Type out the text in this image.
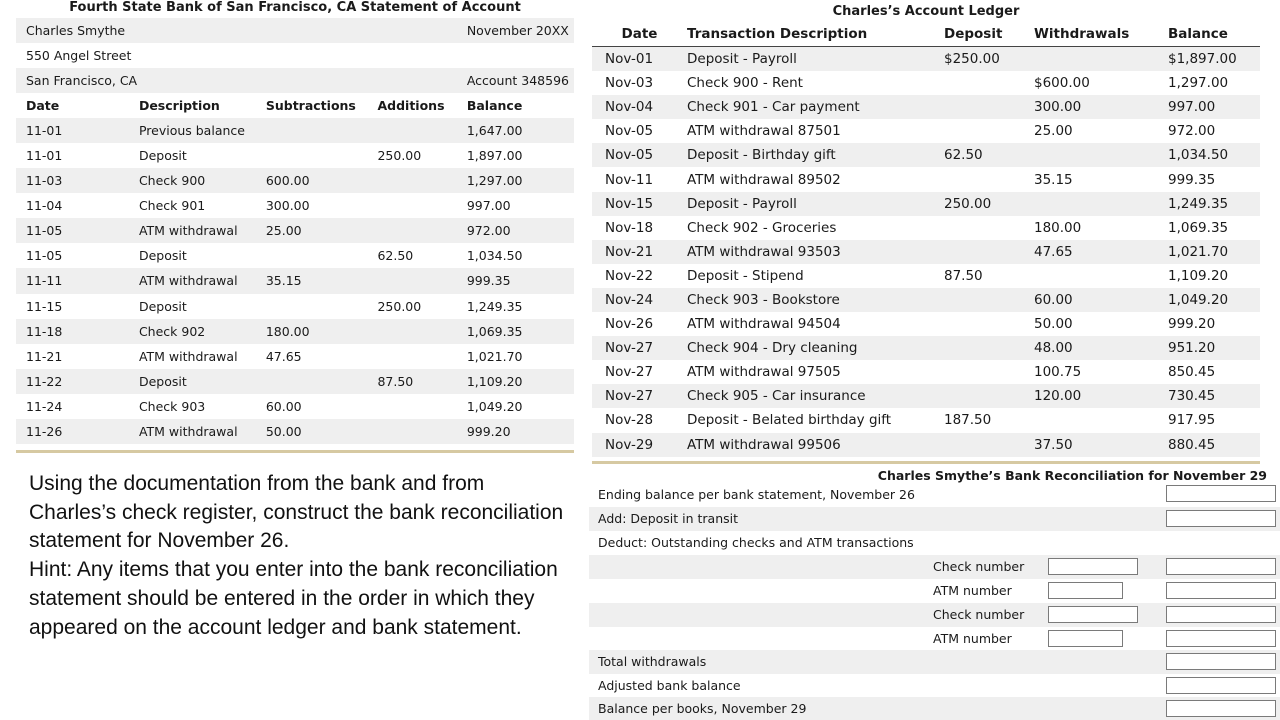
Fourth State Bank of San Francisco, CA Statement of Account
Charles Smythe				November 20XX
550 Angel Street				
San Francisco, CA				Account 348596
Date	Description	Subtractions	Additions	Balance
11-01	Previous balance			1,647.00
11-01	Deposit		250.00	1,897.00
11-03	Check 900	600.00		1,297.00
11-04	Check 901	300.00		997.00
11-05	ATM withdrawal	25.00		972.00
11-05	Deposit		62.50	1,034.50
11-11	ATM withdrawal	35.15		999.35
11-15	Deposit		250.00	1,249.35
11-18	Check 902	180.00		1,069.35
11-21	ATM withdrawal	47.65		1,021.70
11-22	Deposit		87.50	1,109.20
11-24	Check 903	60.00		1,049.20
11-26	ATM withdrawal	50.00		999.20

Using the documentation from the bank and from Charles’s check register, construct the bank reconciliation statement for November 26.

Hint: Any items that you enter into the bank reconciliation statement should be entered in the order in which they appeared on the account ledger and bank statement.

Charles’s Account Ledger
Date	Transaction Description	Deposit	Withdrawals	Balance
Nov-01	Deposit - Payroll	$250.00		$1,897.00
Nov-03	Check 900 - Rent		$600.00	1,297.00
Nov-04	Check 901 - Car payment		300.00	997.00
Nov-05	ATM withdrawal 87501		25.00	972.00
Nov-05	Deposit - Birthday gift	62.50		1,034.50
Nov-11	ATM withdrawal 89502		35.15	999.35
Nov-15	Deposit - Payroll	250.00		1,249.35
Nov-18	Check 902 - Groceries		180.00	1,069.35
Nov-21	ATM withdrawal 93503		47.65	1,021.70
Nov-22	Deposit - Stipend	87.50		1,109.20
Nov-24	Check 903 - Bookstore		60.00	1,049.20
Nov-26	ATM withdrawal 94504		50.00	999.20
Nov-27	Check 904 - Dry cleaning		48.00	951.20
Nov-27	ATM withdrawal 97505		100.75	850.45
Nov-27	Check 905 - Car insurance		120.00	730.45
Nov-28	Deposit - Belated birthday gift	187.50		917.95
Nov-29	ATM withdrawal 99506		37.50	880.45
Charles Smythe’s Bank Reconciliation for November 29
Ending balance per bank statement, November 26
Add: Deposit in transit
Deduct: Outstanding checks and ATM transactions
Check number
ATM number
Check number
ATM number
Total withdrawals
Adjusted bank balance
Balance per books, November 29
